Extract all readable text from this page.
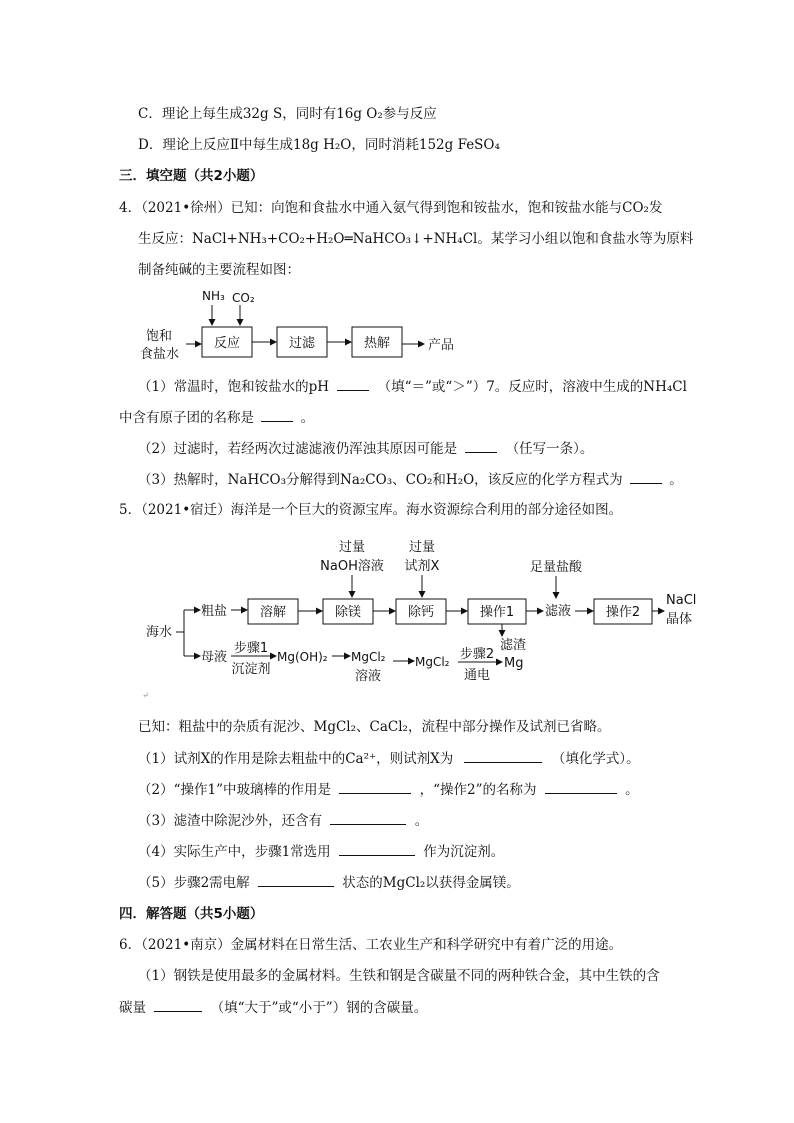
C．理论上每生成32g S，同时有16g O₂参与反应
D．理论上反应Ⅱ中每生成18g H₂O，同时消耗152g FeSO₄
三．填空题（共2小题）
4．（2021•徐州）已知：向饱和食盐水中通入氨气得到饱和铵盐水，饱和铵盐水能与CO₂发
生反应：NaCl+NH₃+CO₂+H₂O═NaHCO₃↓+NH₄Cl。某学习小组以饱和食盐水等为原料
制备纯碱的主要流程如图：
NH₃ CO₂
饱和
食盐水
反应	过滤	热解	产品
（1）常温时，饱和铵盐水的pH	（填“＝”或“＞”）7。反应时，溶液中生成的NH₄Cl
中含有原子团的名称是	。
（2）过滤时，若经两次过滤滤液仍浑浊其原因可能是	（任写一条）。
（3）热解时，NaHCO₃分解得到Na₂CO₃、CO₂和H₂O，该反应的化学方程式为	。
5．（2021•宿迁）海洋是一个巨大的资源宝库。海水资源综合利用的部分途径如图。
过量
NaOH溶液
过量
试剂X	足量盐酸
海水
粗盐	溶解	除镁	除钙	操作1 滤液	操作2
NaCl
晶体
滤渣
母液
步骤1
沉淀剂
Mg(OH)₂ MgCl₂
溶液
MgCl₂ 步骤2
通电
Mg
↵
已知：粗盐中的杂质有泥沙、MgCl₂、CaCl₂，流程中部分操作及试剂已省略。
（1）试剂X的作用是除去粗盐中的Ca²⁺，则试剂X为	（填化学式）。
（2）“操作1”中玻璃棒的作用是	，“操作2”的名称为	。
（3）滤渣中除泥沙外，还含有	。
（4）实际生产中，步骤1常选用	作为沉淀剂。
（5）步骤2需电解	状态的MgCl₂以获得金属镁。
四．解答题（共5小题）
6．（2021•南京）金属材料在日常生活、工农业生产和科学研究中有着广泛的用途。
（1）钢铁是使用最多的金属材料。生铁和钢是含碳量不同的两种铁合金，其中生铁的含
碳量	（填“大于”或“小于”）钢的含碳量。
